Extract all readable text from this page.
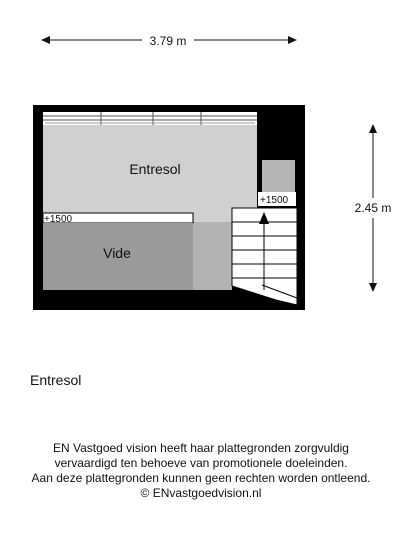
3.79 m
2.45 m
Entresol
Vide
+1500
+1500
Entresol
EN Vastgoed vision heeft haar plattegronden zorgvuldig
vervaardigd ten behoeve van promotionele doeleinden.
Aan deze plattegronden kunnen geen rechten worden ontleend.
© ENvastgoedvision.nl
